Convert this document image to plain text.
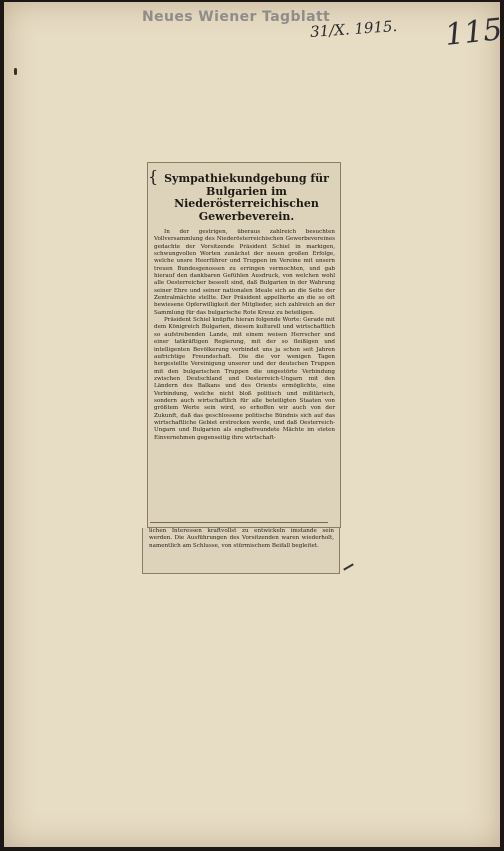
Neues Wiener Tagblatt
31/X. 1915. 115
{ Sympathiekundgebung für Bulgarien im Niederösterreichischen Gewerbeverein.

In der gestrigen, überaus zahlreich besuchten Vollversammlung des Niederösterreichischen Gewerbevereines gedachte der Vorsitzende Präsident Schiel in markigen, schwungvollen Worten zunächst der neuen großen Erfolge, welche unsre Heerführer und Truppen im Vereine mit unsern treuen Bundesgenossen zu erringen vermochten, und gab hierauf den dankbaren Gefühlen Ausdruck, von welchen wohl alle Oesterreicher beseelt sind, daß Bulgarien in der Wahrung seiner Ehre und seiner nationalen Ideale sich an die Seite der Zentralmächte stellte. Der Präsident appellierte an die so oft bewiesene Opferwilligkeit der Mitglieder, sich zahlreich an der Sammlung für das bulgarische Rote Kreuz zu beteiligen.

Präsident Schiel knüpfte hieran folgende Worte: Gerade mit dem Königreich Bulgarien, diesem kulturell und wirtschaftlich so aufstrebenden Lande, mit einem weisen Herrscher und einer tatkräftigen Regierung, mit der so fleißigen und intelligenten Bevölkerung verbindet uns ja schon seit Jahren aufrichtige Freundschaft. Die die vor wenigen Tagen hergestellte Vereinigung unserer und der deutschen Truppen mit den bulgarischen Truppen die ungestörte Verbindung zwischen Deutschland und Oesterreich-Ungarn mit den Ländern des Balkans und des Orients ermöglichte, eine Verbindung, welche nicht bloß politisch und militärisch, sondern auch wirtschaftlich für alle beteiligten Staaten von größtem Werte sein wird, so erhoffen wir auch von der Zukunft, daß das geschlossene politische Bündnis sich auf das wirtschaftliche Gebiet erstrecken werde, und daß Oesterreich-Ungarn und Bulgarien als engbefreundete Mächte im steten Einvernehmen gegenseitig ihre wirtschaft-

lichen Interessen kraftvollst zu entwickeln imstande sein werden. Die Ausführungen des Vorsitzenden waren wiederholt, namentlich am Schlusse, von stürmischem Beifall begleitet.
